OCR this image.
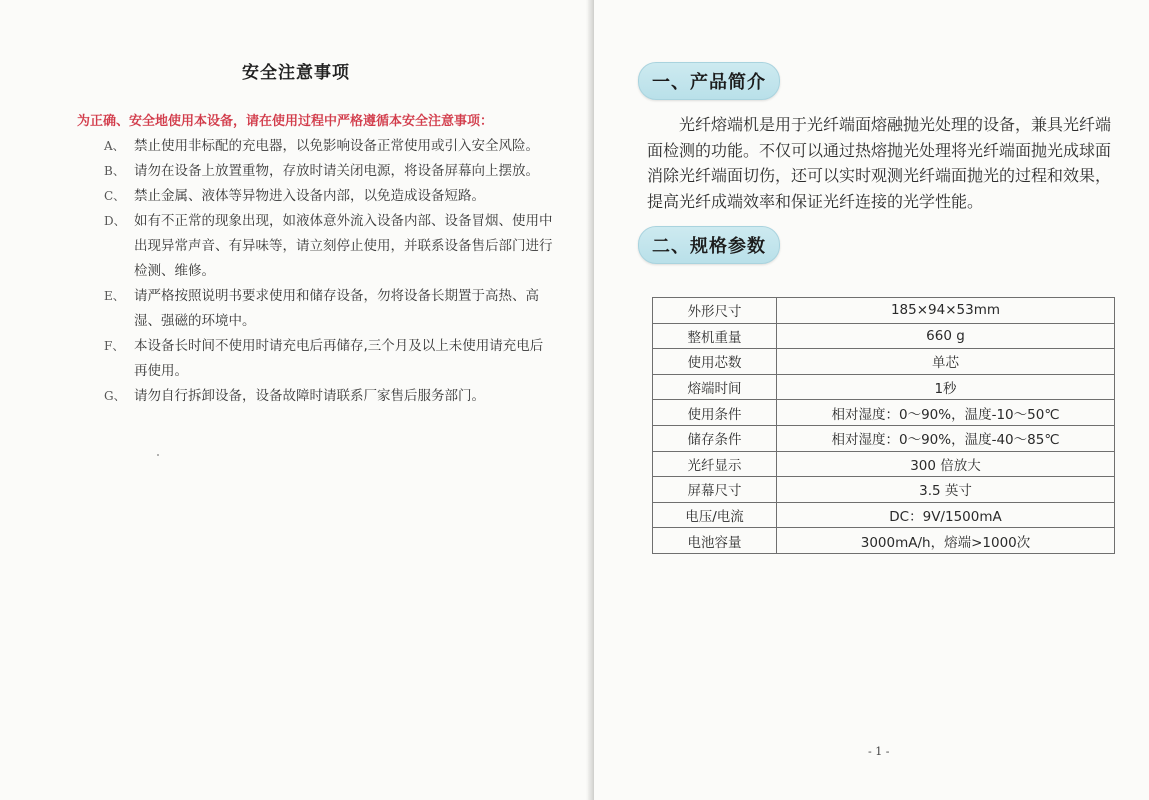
安全注意事项
为正确、安全地使用本设备，请在使用过程中严格遵循本安全注意事项：
A、 禁止使用非标配的充电器，以免影响设备正常使用或引入安全风险。
B、 请勿在设备上放置重物，存放时请关闭电源，将设备屏幕向上摆放。
C、 禁止金属、液体等异物进入设备内部，以免造成设备短路。
D、 如有不正常的现象出现，如液体意外流入设备内部、设备冒烟、使用中出现异常声音、有异味等，请立刻停止使用，并联系设备售后部门进行检测、维修。
E、 请严格按照说明书要求使用和储存设备，勿将设备长期置于高热、高湿、强磁的环境中。
F、 本设备长时间不使用时请充电后再储存,三个月及以上未使用请充电后再使用。
G、 请勿自行拆卸设备，设备故障时请联系厂家售后服务部门。
一、产品简介
光纤熔端机是用于光纤端面熔融抛光处理的设备，兼具光纤端面检测的功能。不仅可以通过热熔抛光处理将光纤端面抛光成球面消除光纤端面切伤，还可以实时观测光纤端面抛光的过程和效果，提高光纤成端效率和保证光纤连接的光学性能。
二、规格参数
外形尺寸	185×94×53mm
整机重量	660 g
使用芯数	单芯
熔端时间	1秒
使用条件	相对湿度：0～90%，温度-10～50℃
储存条件	相对湿度：0～90%，温度-40～85℃
光纤显示	300 倍放大
屏幕尺寸	3.5 英寸
电压/电流	DC：9V/1500mA
电池容量	3000mA/h，熔端>1000次
- 1 -
